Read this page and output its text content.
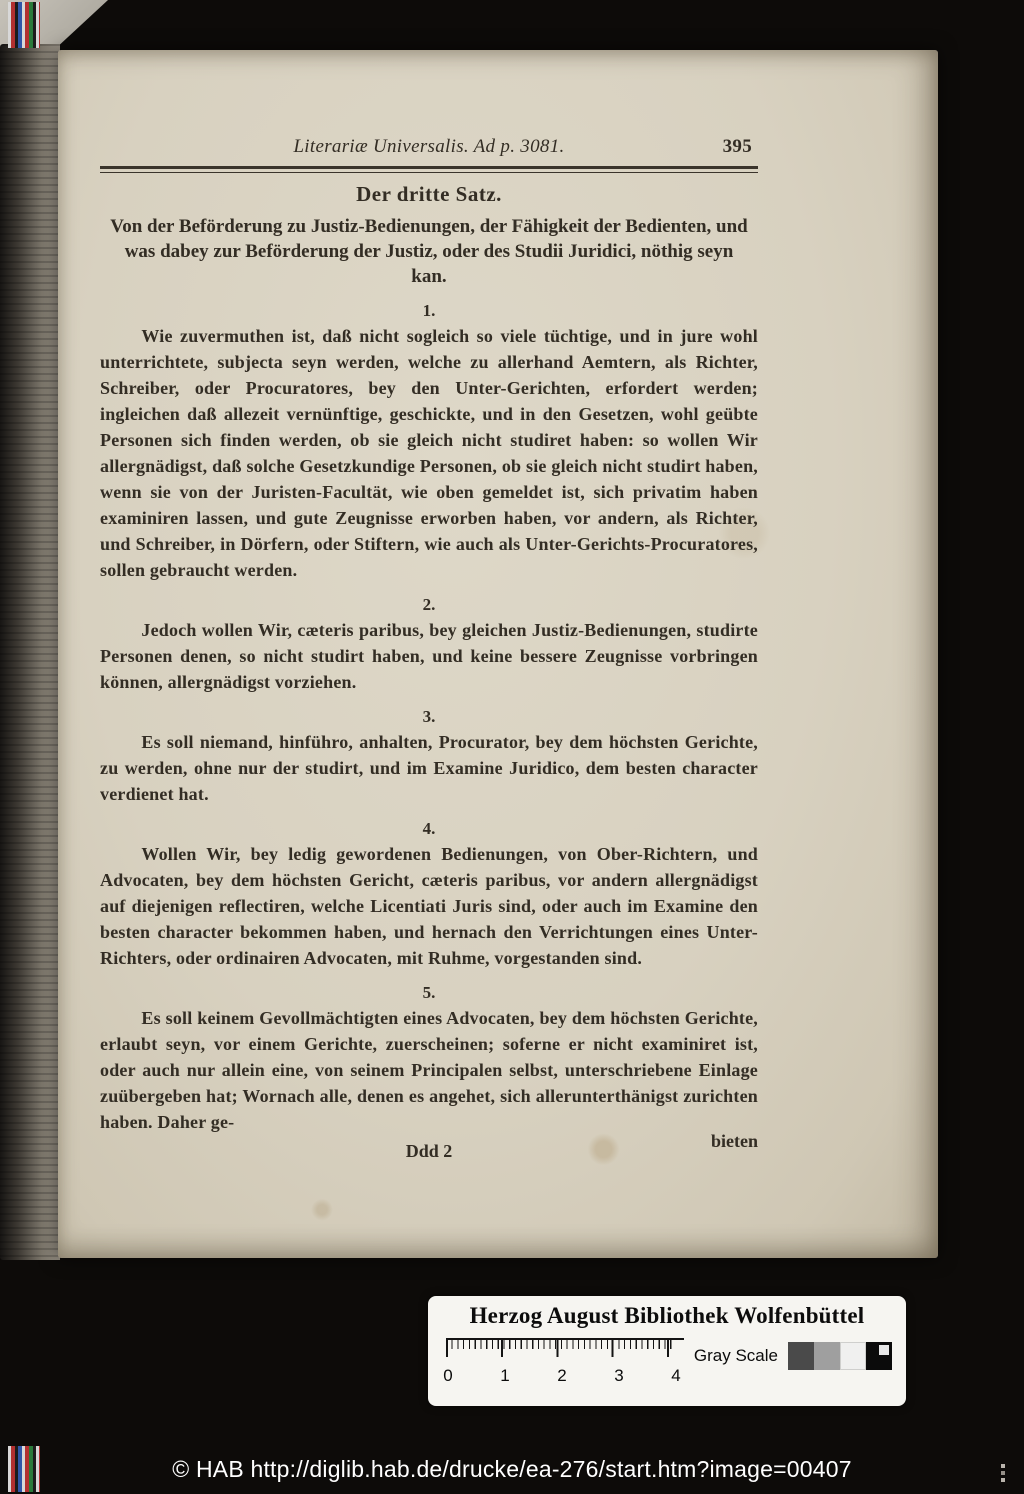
Literariæ Universalis. Ad p. 3081.	395
Der dritte Satz.
Von der Beförderung zu Justiz-Bedienungen, der Fähigkeit der Bedienten, und was dabey zur Beförderung der Justiz, oder des Studii Juridici, nöthig seyn kan.
1.
Wie zuvermuthen ist, daß nicht sogleich so viele tüchtige, und in jure wohl unterrichtete, subjecta seyn werden, welche zu allerhand Aemtern, als Richter, Schreiber, oder Procuratores, bey den Unter-Gerichten, erfordert werden; ingleichen daß allezeit vernünftige, geschickte, und in den Gesetzen, wohl geübte Personen sich finden werden, ob sie gleich nicht studiret haben: so wollen Wir allergnädigst, daß solche Gesetzkundige Personen, ob sie gleich nicht studirt haben, wenn sie von der Juristen-Facultät, wie oben gemeldet ist, sich privatim haben examiniren lassen, und gute Zeugnisse erworben haben, vor andern, als Richter, und Schreiber, in Dörfern, oder Stiftern, wie auch als Unter-Gerichts-Procuratores, sollen gebraucht werden.
2.
Jedoch wollen Wir, cæteris paribus, bey gleichen Justiz-Bedienungen, studirte Personen denen, so nicht studirt haben, und keine bessere Zeugnisse vorbringen können, allergnädigst vorziehen.
3.
Es soll niemand, hinführo, anhalten, Procurator, bey dem höchsten Gerichte, zu werden, ohne nur der studirt, und im Examine Juridico, dem besten character verdienet hat.
4.
Wollen Wir, bey ledig gewordenen Bedienungen, von Ober-Richtern, und Advocaten, bey dem höchsten Gericht, cæteris paribus, vor andern allergnädigst auf diejenigen reflectiren, welche Licentiati Juris sind, oder auch im Examine den besten character bekommen haben, und hernach den Verrichtungen eines Unter-Richters, oder ordinairen Advocaten, mit Ruhme, vorgestanden sind.
5.
Es soll keinem Gevollmächtigten eines Advocaten, bey dem höchsten Gerichte, erlaubt seyn, vor einem Gerichte, zuerscheinen; soferne er nicht examiniret ist, oder auch nur allein eine, von seinem Principalen selbst, unterschriebene Einlage zuübergeben hat; Wornach alle, denen es angehet, sich allerunterthänigst zurichten haben. Daher ge-
Ddd 2	bieten
Herzog August Bibliothek Wolfenbüttel
0	1	2	3	4
Gray Scale
© HAB http://diglib.hab.de/drucke/ea-276/start.htm?image=00407
